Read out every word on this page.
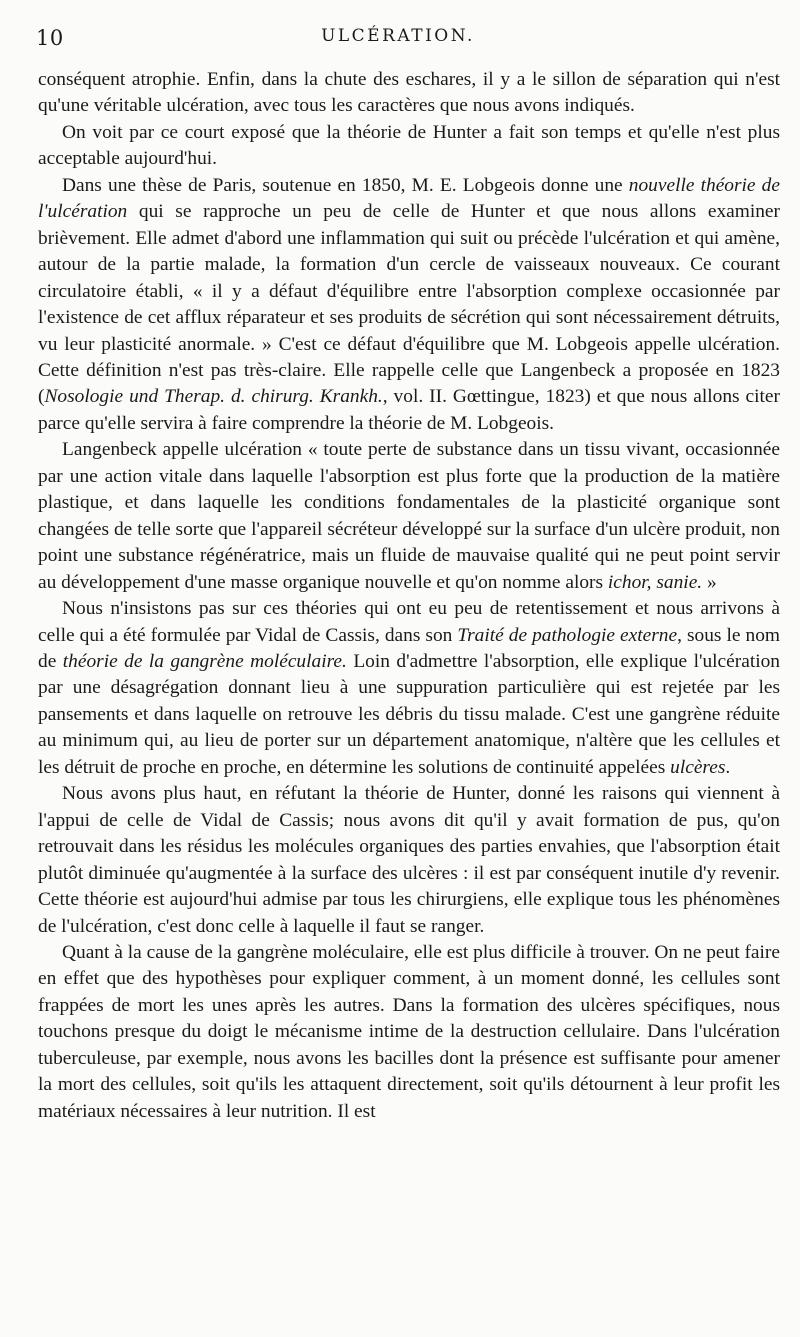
10	ULCÉRATION.

conséquent atrophie. Enfin, dans la chute des eschares, il y a le sillon de séparation qui n'est qu'une véritable ulcération, avec tous les caractères que nous avons indiqués.

On voit par ce court exposé que la théorie de Hunter a fait son temps et qu'elle n'est plus acceptable aujourd'hui.

Dans une thèse de Paris, soutenue en 1850, M. E. Lobgeois donne une nouvelle théorie de l'ulcération qui se rapproche un peu de celle de Hunter et que nous allons examiner brièvement. Elle admet d'abord une inflammation qui suit ou précède l'ulcération et qui amène, autour de la partie malade, la formation d'un cercle de vaisseaux nouveaux. Ce courant circulatoire établi, « il y a défaut d'équilibre entre l'absorption complexe occasionnée par l'existence de cet afflux réparateur et ses produits de sécrétion qui sont nécessairement détruits, vu leur plasticité anormale. » C'est ce défaut d'équilibre que M. Lobgeois appelle ulcération. Cette définition n'est pas très-claire. Elle rappelle celle que Langenbeck a proposée en 1823 (Nosologie und Therap. d. chirurg. Krankh., vol. II. Gœttingue, 1823) et que nous allons citer parce qu'elle servira à faire comprendre la théorie de M. Lobgeois.

Langenbeck appelle ulcération « toute perte de substance dans un tissu vivant, occasionnée par une action vitale dans laquelle l'absorption est plus forte que la production de la matière plastique, et dans laquelle les conditions fondamentales de la plasticité organique sont changées de telle sorte que l'appareil sécréteur développé sur la surface d'un ulcère produit, non point une substance régénératrice, mais un fluide de mauvaise qualité qui ne peut point servir au développement d'une masse organique nouvelle et qu'on nomme alors ichor, sanie. »

Nous n'insistons pas sur ces théories qui ont eu peu de retentissement et nous arrivons à celle qui a été formulée par Vidal de Cassis, dans son Traité de pathologie externe, sous le nom de théorie de la gangrène moléculaire. Loin d'admettre l'absorption, elle explique l'ulcération par une désagrégation donnant lieu à une suppuration particulière qui est rejetée par les pansements et dans laquelle on retrouve les débris du tissu malade. C'est une gangrène réduite au minimum qui, au lieu de porter sur un département anatomique, n'altère que les cellules et les détruit de proche en proche, en détermine les solutions de continuité appelées ulcères.

Nous avons plus haut, en réfutant la théorie de Hunter, donné les raisons qui viennent à l'appui de celle de Vidal de Cassis; nous avons dit qu'il y avait formation de pus, qu'on retrouvait dans les résidus les molécules organiques des parties envahies, que l'absorption était plutôt diminuée qu'augmentée à la surface des ulcères : il est par conséquent inutile d'y revenir. Cette théorie est aujourd'hui admise par tous les chirurgiens, elle explique tous les phénomènes de l'ulcération, c'est donc celle à laquelle il faut se ranger.

Quant à la cause de la gangrène moléculaire, elle est plus difficile à trouver. On ne peut faire en effet que des hypothèses pour expliquer comment, à un moment donné, les cellules sont frappées de mort les unes après les autres. Dans la formation des ulcères spécifiques, nous touchons presque du doigt le mécanisme intime de la destruction cellulaire. Dans l'ulcération tuberculeuse, par exemple, nous avons les bacilles dont la présence est suffisante pour amener la mort des cellules, soit qu'ils les attaquent directement, soit qu'ils détournent à leur profit les matériaux nécessaires à leur nutrition. Il est
